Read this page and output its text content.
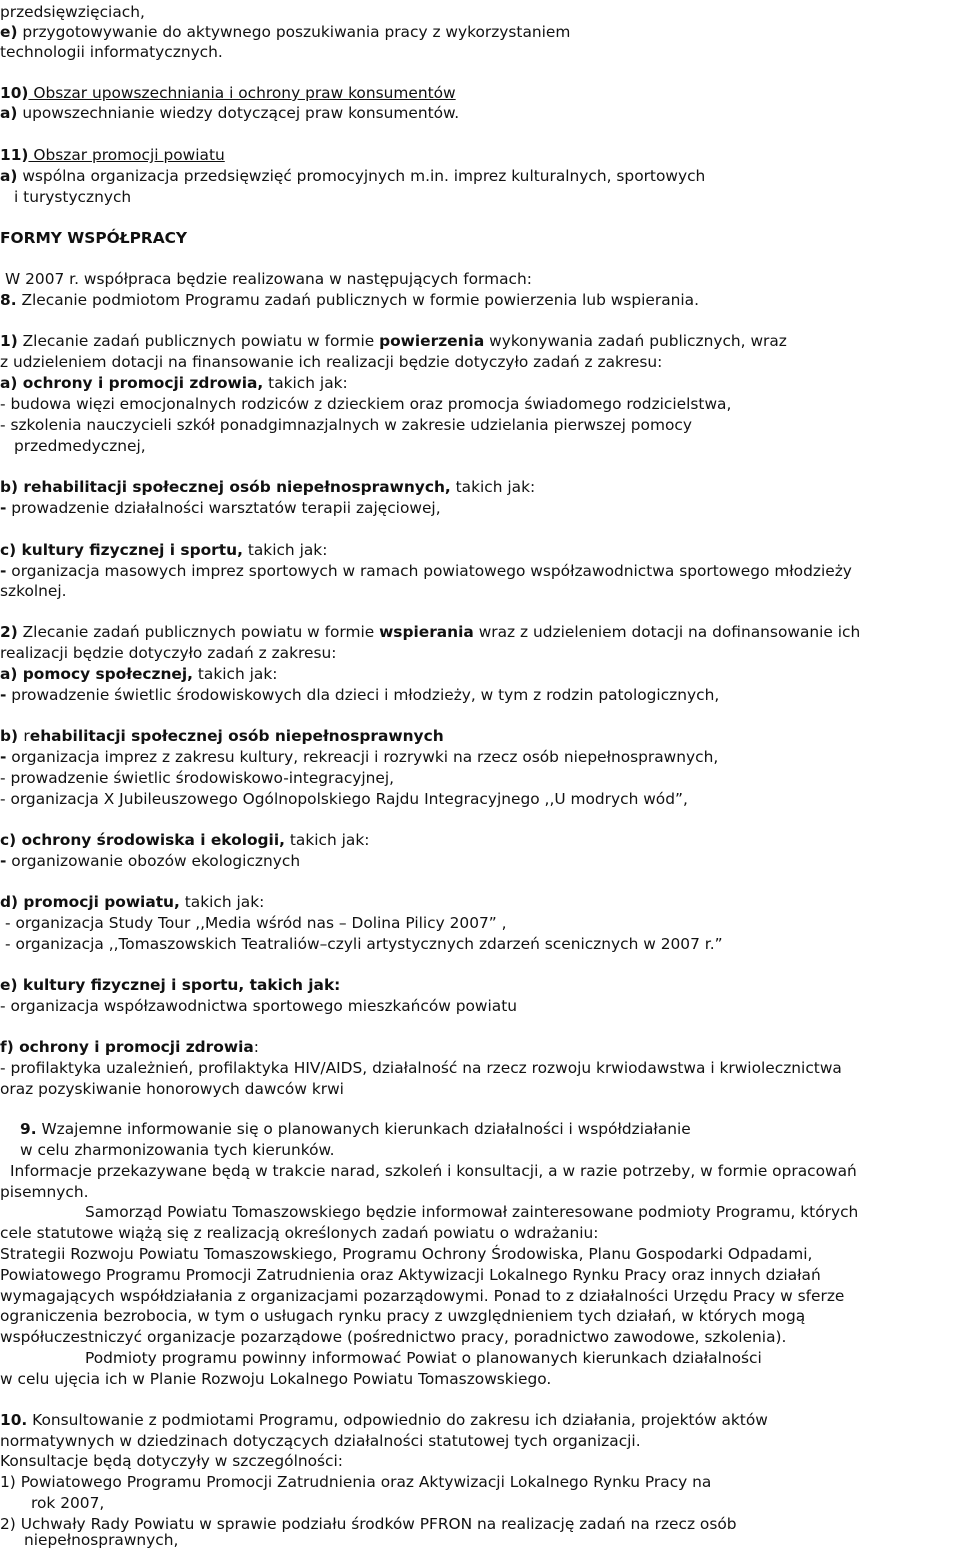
przedsięwzięciach,
e) przygotowywanie do aktywnego poszukiwania pracy z wykorzystaniem
technologii informatycznych.
10) Obszar upowszechniania i ochrony praw konsumentów
a) upowszechnianie wiedzy dotyczącej praw konsumentów.
11) Obszar promocji powiatu
a) wspólna organizacja przedsięwzięć promocyjnych m.in. imprez kulturalnych, sportowych
i turystycznych
FORMY WSPÓŁPRACY
W 2007 r. współpraca będzie realizowana w następujących formach:
8. Zlecanie podmiotom Programu zadań publicznych w formie powierzenia lub wspierania.
1) Zlecanie zadań publicznych powiatu w formie powierzenia wykonywania zadań publicznych, wraz
z udzieleniem dotacji na finansowanie ich realizacji będzie dotyczyło zadań z zakresu:
a) ochrony i promocji zdrowia, takich jak:
- budowa więzi emocjonalnych rodziców z dzieckiem oraz promocja świadomego rodzicielstwa,
- szkolenia nauczycieli szkół ponadgimnazjalnych w zakresie udzielania pierwszej pomocy
przedmedycznej,
b) rehabilitacji społecznej osób niepełnosprawnych, takich jak:
- prowadzenie działalności warsztatów terapii zajęciowej,
c) kultury fizycznej i sportu, takich jak:
- organizacja masowych imprez sportowych w ramach powiatowego współzawodnictwa sportowego młodzieży
szkolnej.
2) Zlecanie zadań publicznych powiatu w formie wspierania wraz z udzieleniem dotacji na dofinansowanie ich
realizacji będzie dotyczyło zadań z zakresu:
a) pomocy społecznej, takich jak:
- prowadzenie świetlic środowiskowych dla dzieci i młodzieży, w tym z rodzin patologicznych,
b) rehabilitacji społecznej osób niepełnosprawnych
- organizacja imprez z zakresu kultury, rekreacji i rozrywki na rzecz osób niepełnosprawnych,
- prowadzenie świetlic środowiskowo-integracyjnej,
- organizacja X Jubileuszowego Ogólnopolskiego Rajdu Integracyjnego ,,U modrych wód”,
c) ochrony środowiska i ekologii, takich jak:
- organizowanie obozów ekologicznych
d) promocji powiatu, takich jak:
- organizacja Study Tour ,,Media wśród nas – Dolina Pilicy 2007” ,
- organizacja ,,Tomaszowskich Teatraliów–czyli artystycznych zdarzeń scenicznych w 2007 r.”
e) kultury fizycznej i sportu, takich jak:
- organizacja współzawodnictwa sportowego mieszkańców powiatu
f) ochrony i promocji zdrowia:
- profilaktyka uzależnień, profilaktyka HIV/AIDS, działalność na rzecz rozwoju krwiodawstwa i krwiolecznictwa
oraz pozyskiwanie honorowych dawców krwi
9. Wzajemne informowanie się o planowanych kierunkach działalności i współdziałanie
w celu zharmonizowania tych kierunków.
Informacje przekazywane będą w trakcie narad, szkoleń i konsultacji, a w razie potrzeby, w formie opracowań
pisemnych.
Samorząd Powiatu Tomaszowskiego będzie informował zainteresowane podmioty Programu, których
cele statutowe wiążą się z realizacją określonych zadań powiatu o wdrażaniu:
Strategii Rozwoju Powiatu Tomaszowskiego, Programu Ochrony Środowiska, Planu Gospodarki Odpadami,
Powiatowego Programu Promocji Zatrudnienia oraz Aktywizacji Lokalnego Rynku Pracy oraz innych działań
wymagających współdziałania z organizacjami pozarządowymi. Ponad to z działalności Urzędu Pracy w sferze
ograniczenia bezrobocia, w tym o usługach rynku pracy z uwzględnieniem tych działań, w których mogą
współuczestniczyć organizacje pozarządowe (pośrednictwo pracy, poradnictwo zawodowe, szkolenia).
Podmioty programu powinny informować Powiat o planowanych kierunkach działalności
w celu ujęcia ich w Planie Rozwoju Lokalnego Powiatu Tomaszowskiego.
10. Konsultowanie z podmiotami Programu, odpowiednio do zakresu ich działania, projektów aktów
normatywnych w dziedzinach dotyczących działalności statutowej tych organizacji.
Konsultacje będą dotyczyły w szczególności:
1) Powiatowego Programu Promocji Zatrudnienia oraz Aktywizacji Lokalnego Rynku Pracy na
rok 2007,
2) Uchwały Rady Powiatu w sprawie podziału środków PFRON na realizację zadań na rzecz osób
niepełnosprawnych,
